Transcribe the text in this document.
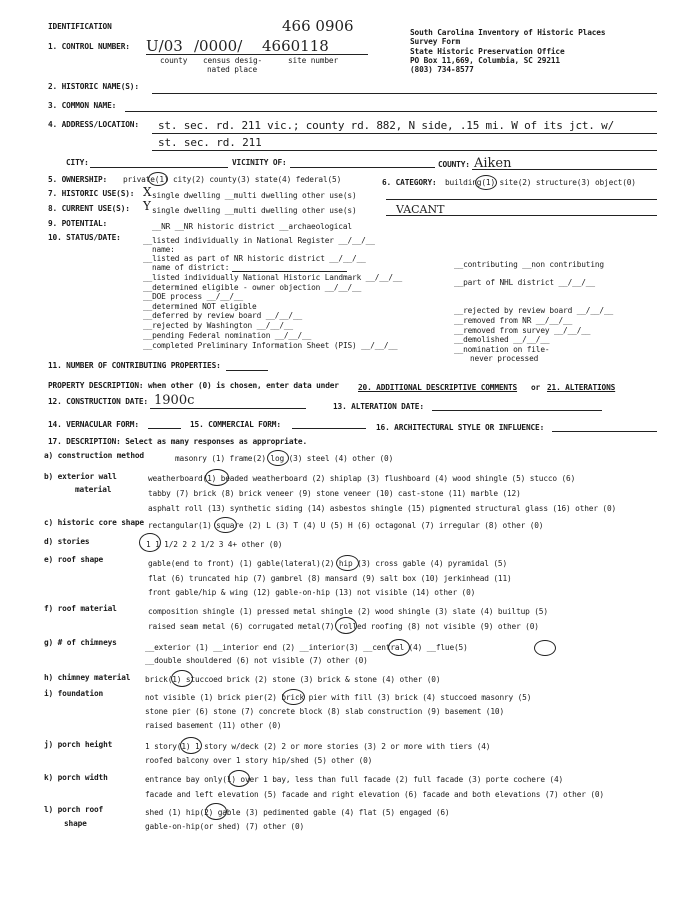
IDENTIFICATION
1. CONTROL NUMBER: U/03 /0000/ 4660118
466 0906
county census desig-
nated place
site number
South Carolina Inventory of Historic Places
Survey Form
State Historic Preservation Office
PO Box 11,669, Columbia, SC 29211
(803) 734-8577
2. HISTORIC NAME(S):
3. COMMON NAME:
4. ADDRESS/LOCATION: st. sec. rd. 211 vic.; county rd. 882, N side, .15 mi. W of its jct. w/
st. sec. rd. 211
CITY:	VICINITY OF:	COUNTY: Aiken
5. OWNERSHIP: private(1) city(2) county(3) state(4) federal(5)	6. CATEGORY: building(1) site(2) structure(3) object(0)
7. HISTORIC USE(S): X single dwelling __multi dwelling other use(s)
8. CURRENT USE(S): Y single dwelling __multi dwelling other use(s)	VACANT
9. POTENTIAL:	__NR __NR historic district __archaeological
10. STATUS/DATE:	__listed individually in National Register __/__/__
name:
__listed as part of NR historic district __/__/__
name of district:
__listed individually National Historic Landmark __/__/__
__determined eligible - owner objection __/__/__
__DOE process __/__/__
__determined NOT eligible
__deferred by review board __/__/__
__rejected by Washington __/__/__
__pending Federal nomination __/__/__
__completed Preliminary Information Sheet (PIS) __/__/__
__contributing __non contributing
__part of NHL district __/__/__
__rejected by review board __/__/__
__removed from NR __/__/__
__removed from survey __/__/__
__demolished __/__/__
__nomination on file-
never processed
11. NUMBER OF CONTRIBUTING PROPERTIES:
PROPERTY DESCRIPTION: when other (0) is chosen, enter data under 20. ADDITIONAL DESCRIPTIVE COMMENTS or 21. ALTERATIONS
12. CONSTRUCTION DATE: 1900c	13. ALTERATION DATE:
14. VERNACULAR FORM:	15. COMMERCIAL FORM:	16. ARCHITECTURAL STYLE OR INFLUENCE:
17. DESCRIPTION: Select as many responses as appropriate.
a) construction method	masonry (1) frame(2) log (3) steel (4) other (0)
b) exterior wall
material
weatherboard(1) beaded weatherboard (2) shiplap (3) flushboard (4) wood shingle (5) stucco (6)
tabby (7) brick (8) brick veneer (9) stone veneer (10) cast-stone (11) marble (12)
asphalt roll (13) synthetic siding (14) asbestos shingle (15) pigmented structural glass (16) other (0)
c) historic core shape rectangular(1) square (2) L (3) T (4) U (5) H (6) octagonal (7) irregular (8) other (0)
d) stories	1 1 1/2 2 2 1/2 3 4+ other (0)
e) roof shape	gable(end to front) (1) gable(lateral)(2) hip (3) cross gable (4) pyramidal (5)
flat (6) truncated hip (7) gambrel (8) mansard (9) salt box (10) jerkinhead (11)
front gable/hip & wing (12) gable-on-hip (13) not visible (14) other (0)
f) roof material	composition shingle (1) pressed metal shingle (2) wood shingle (3) slate (4) builtup (5)
raised seam metal (6) corrugated metal(7) rolled roofing (8) not visible (9) other (0)
g) # of chimneys
__exterior (1) __interior end (2) __interior(3) __central (4) __flue(5)
__double shouldered (6) not visible (7) other (0)
h) chimney material brick(1) stuccoed brick (2) stone (3) brick & stone (4) other (0)
i) foundation	not visible (1) brick pier(2) brick pier with fill (3) brick (4) stuccoed masonry (5)
stone pier (6) stone (7) concrete block (8) slab construction (9) basement (10)
raised basement (11) other (0)
j) porch height	1 story(1) 1 story w/deck (2) 2 or more stories (3) 2 or more with tiers (4)
roofed balcony over 1 story hip/shed (5) other (0)
k) porch width	entrance bay only(1) over 1 bay, less than full facade (2) full facade (3) porte cochere (4)
facade and left elevation (5) facade and right elevation (6) facade and both elevations (7) other (0)
l) porch roof
shape
shed (1) hip(2) gable (3) pedimented gable (4) flat (5) engaged (6)
gable-on-hip(or shed) (7) other (0)
